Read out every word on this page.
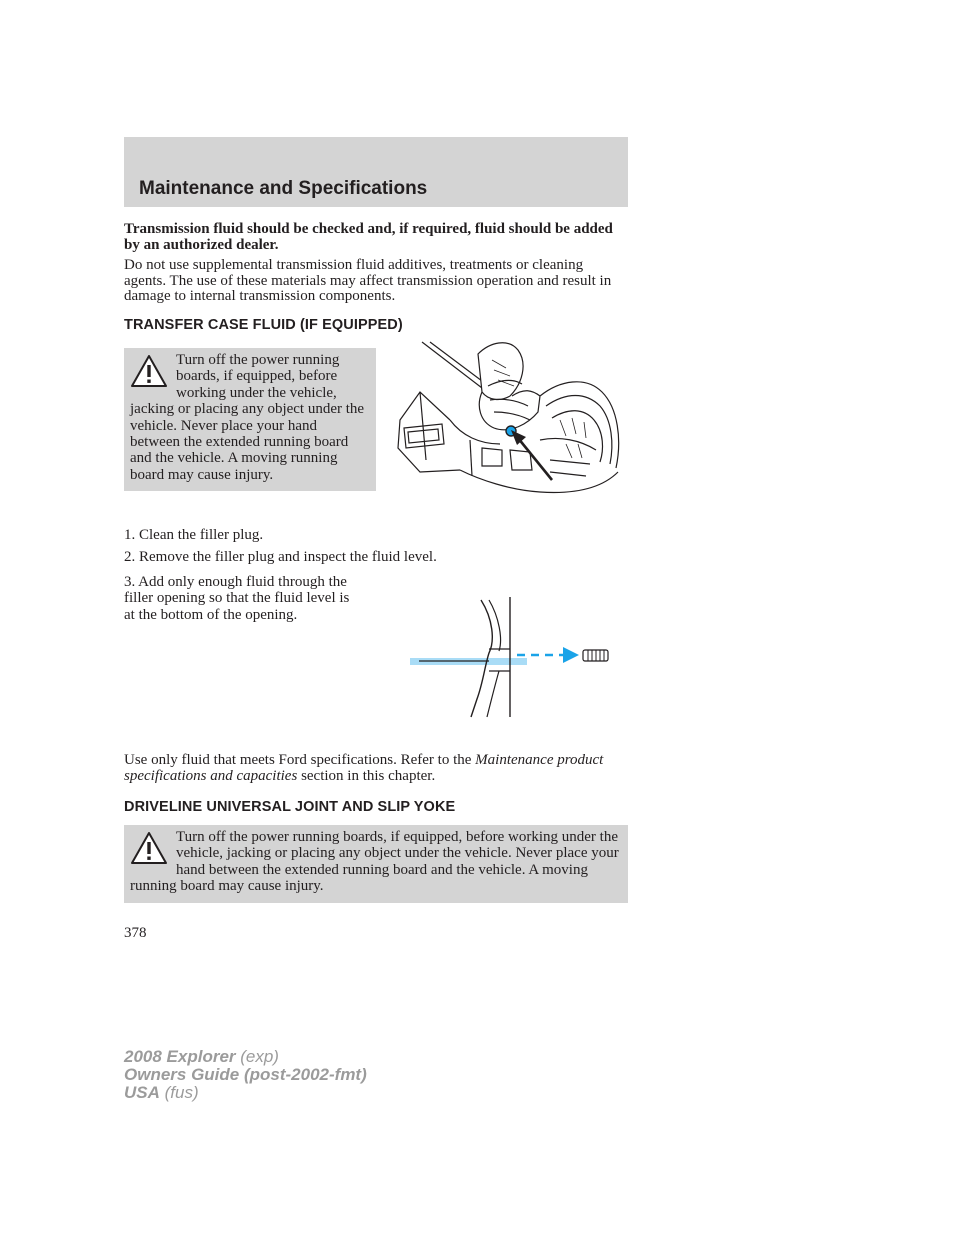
Maintenance and Specifications
Transmission fluid should be checked and, if required, fluid should be added by an authorized dealer.
Do not use supplemental transmission fluid additives, treatments or cleaning agents. The use of these materials may affect transmission operation and result in damage to internal transmission components.
TRANSFER CASE FLUID (IF EQUIPPED)
Turn off the power running boards, if equipped, before working under the vehicle, jacking or placing any object under the vehicle. Never place your hand between the extended running board and the vehicle. A moving running board may cause injury.
1. Clean the filler plug.
2. Remove the filler plug and inspect the fluid level.
3. Add only enough fluid through the filler opening so that the fluid level is at the bottom of the opening.
Use only fluid that meets Ford specifications. Refer to the Maintenance product specifications and capacities section in this chapter.
DRIVELINE UNIVERSAL JOINT AND SLIP YOKE
Turn off the power running boards, if equipped, before working under the vehicle, jacking or placing any object under the vehicle. Never place your hand between the extended running board and the vehicle. A moving running board may cause injury.
378
2008 Explorer (exp)
Owners Guide (post-2002-fmt)
USA (fus)
